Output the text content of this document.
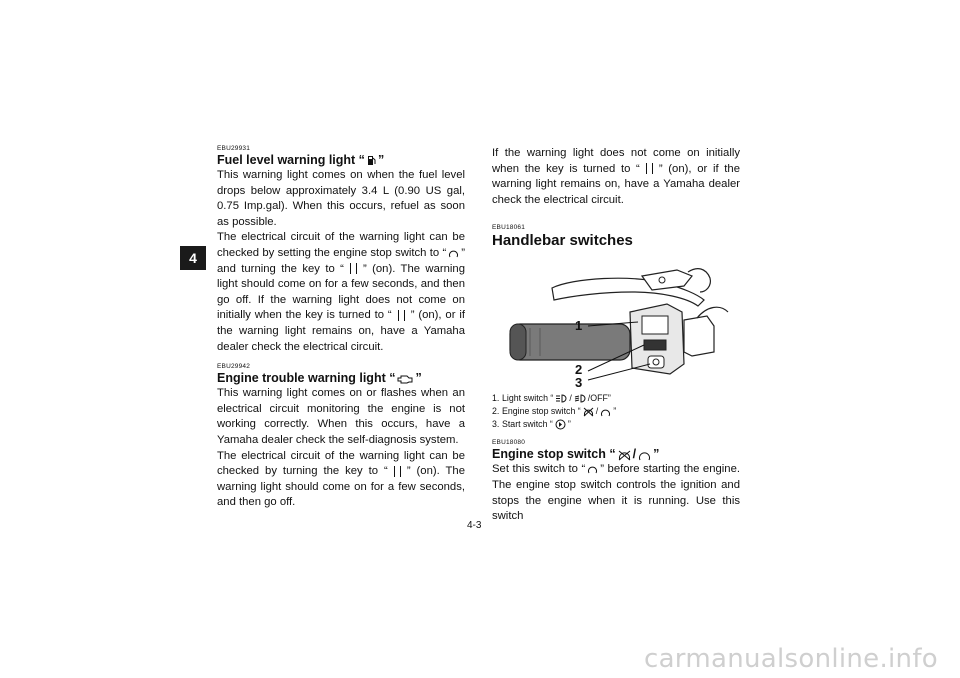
4
EBU29931
Fuel level warning light “ ”

This warning light comes on when the fuel level drops below approximately 3.4 L (0.90 US gal, 0.75 Imp.gal). When this occurs, refuel as soon as possible.

The electrical circuit of the warning light can be checked by setting the engine stop switch to “ ” and turning the key to “ ” (on). The warning light should come on for a few seconds, and then go off. If the warning light does not come on initially when the key is turned to “ ” (on), or if the warning light remains on, have a Yamaha dealer check the electrical circuit.

EBU29942
Engine trouble warning light “ ”

This warning light comes on or flashes when an electrical circuit monitoring the engine is not working correctly. When this occurs, have a Yamaha dealer check the self-diagnosis system.

The electrical circuit of the warning light can be checked by turning the key to “ ” (on). The warning light should come on for a few seconds, and then go off.

If the warning light does not come on initially when the key is turned to “ ” (on), or if the warning light remains on, have a Yamaha dealer check the electrical circuit.

EBU18061
Handlebar switches
1
2
3
1. Light switch “ / /OFF”
2. Engine stop switch “ / ”
3. Start switch “ ”
EBU18080
Engine stop switch “ / ”

Set this switch to “ ” before starting the engine. The engine stop switch controls the ignition and stops the engine when it is running. Use this switch

4-3
carmanualsonline.info
